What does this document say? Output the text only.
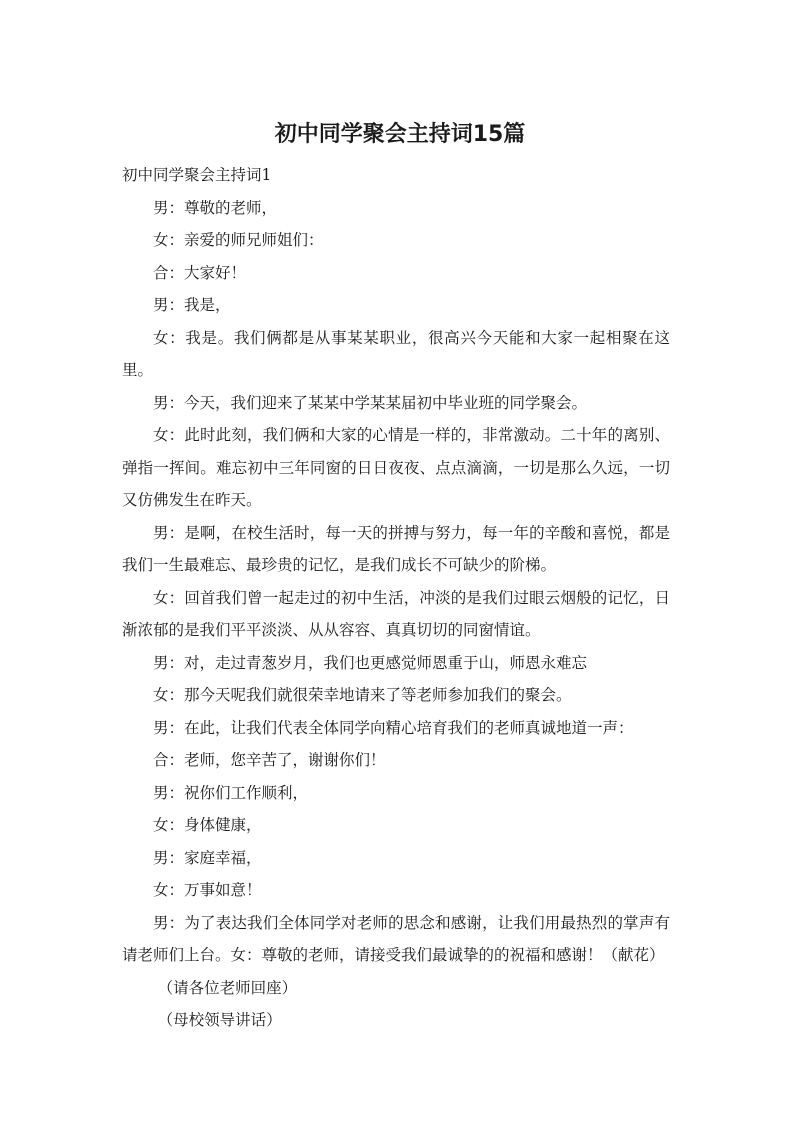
初中同学聚会主持词15篇

初中同学聚会主持词1

男：尊敬的老师，

女：亲爱的师兄师姐们：

合：大家好！

男：我是，

女：我是。我们俩都是从事某某职业，很高兴今天能和大家一起相聚在这里。

男：今天，我们迎来了某某中学某某届初中毕业班的同学聚会。

女：此时此刻，我们俩和大家的心情是一样的，非常激动。二十年的离别、弹指一挥间。难忘初中三年同窗的日日夜夜、点点滴滴，一切是那么久远，一切又仿佛发生在昨天。

男：是啊，在校生活时，每一天的拼搏与努力，每一年的辛酸和喜悦，都是我们一生最难忘、最珍贵的记忆，是我们成长不可缺少的阶梯。

女：回首我们曾一起走过的初中生活，冲淡的是我们过眼云烟般的记忆，日渐浓郁的是我们平平淡淡、从从容容、真真切切的同窗情谊。

男：对，走过青葱岁月，我们也更感觉师恩重于山，师恩永难忘

女：那今天呢我们就很荣幸地请来了等老师参加我们的聚会。

男：在此，让我们代表全体同学向精心培育我们的老师真诚地道一声：

合：老师，您辛苦了，谢谢你们！

男：祝你们工作顺利，

女：身体健康，

男：家庭幸福，

女：万事如意！

男：为了表达我们全体同学对老师的思念和感谢，让我们用最热烈的掌声有请老师们上台。女：尊敬的老师，请接受我们最诚挚的的祝福和感谢！（献花）

（请各位老师回座）

（母校领导讲话）
